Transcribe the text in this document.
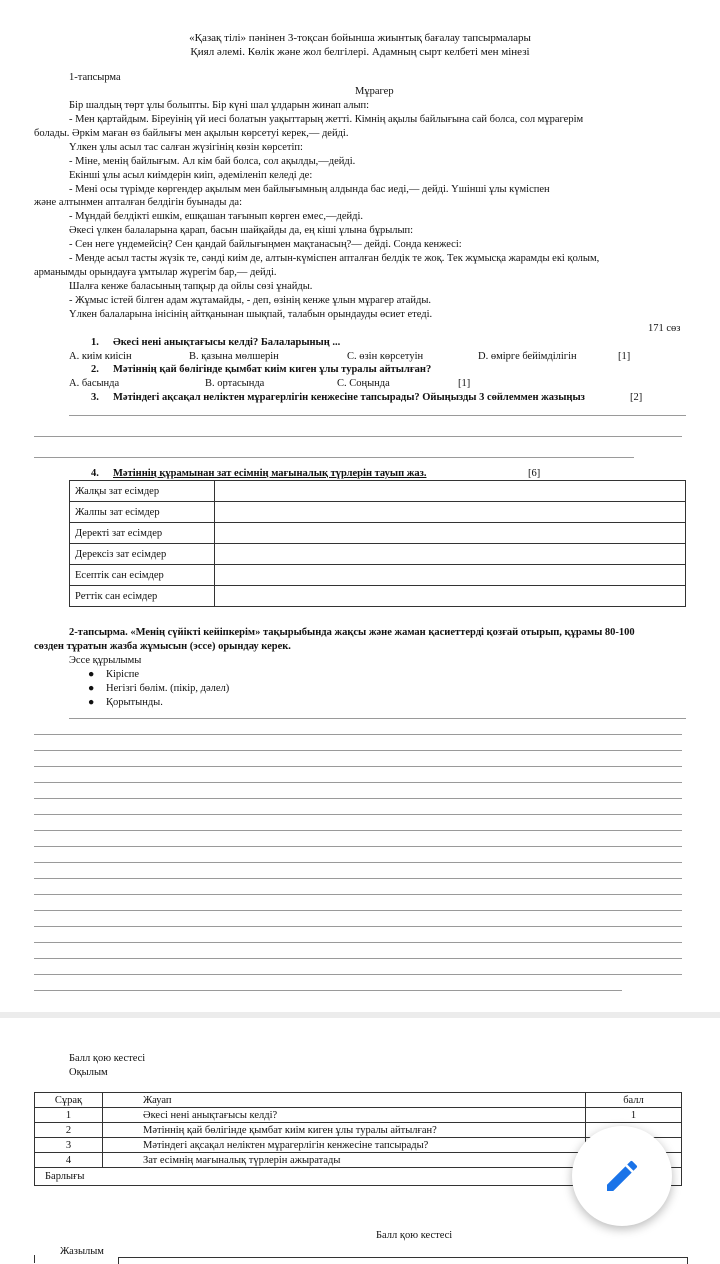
«Қазақ тілі» пәнінен 3-тоқсан бойынша жиынтық бағалау тапсырмалары
Қиял әлемі. Көлік және жол белгілері. Адамның сырт келбеті мен мінезі
1-тапсырма
Мұрагер
Бір шалдың төрт ұлы болыпты. Бір күні шал ұлдарын жинап алып:
- Мен қартайдым. Біреуінің үй иесі болатын уақыттарың жетті. Кімнің ақылы байлығына сай болса, сол мұрагерім
болады. Әркім маған өз байлығы мен ақылын көрсетуі керек,— дейді.
Үлкен ұлы асыл тас салған жүзігінің көзін көрсетіп:
- Міне, менің байлығым. Ал кім бай болса, сол ақылды,—дейді.
Екінші ұлы асыл киімдерін киіп, әдеміленіп келеді де:
- Мені осы түрімде көргендер ақылым мен байлығымның алдында бас иеді,— дейді. Үшінші ұлы күміспен
және алтынмен апталған белдігін буынады да:
- Мұндай белдікті ешкім, ешқашан тағынып көрген емес,—дейді.
Әкесі үлкен балаларына қарап, басын шайқайды да, ең кіші ұлына бұрылып:
- Сен неге үндемейсің? Сен қандай байлығыңмен мақтанасың?— дейді. Сонда кенжесі:
- Менде асыл тасты жүзік те, сәнді киім де, алтын-күміспен апталған белдік те жоқ. Тек жұмысқа жарамды екі қолым,
арманымды орындауға ұмтылар жүрегім бар,— дейді.
Шалға кенже баласының тапқыр да ойлы сөзі ұнайды.
- Жұмыс істей білген адам жұтамайды, - деп, өзінің кенже ұлын мұрагер атайды.
Үлкен балаларына інісінің айтқанынан шықпай, талабын орындауды өсиет етеді.
171 сөз
1. Әкесі нені анықтағысы келді? Балаларының ...
А. киім киісін	В. қазына мөлшерін	С. өзін көрсетуін	D. өмірге бейімділігін	[1]
2. Мәтіннің қай бөлігінде қымбат киім киген ұлы туралы айтылған?
А. басында	В. ортасында	С. Соңында	[1]
3. Мәтіндегі ақсақал неліктен мұрагерлігін кенжесіне тапсырады? Ойыңызды 3 сөйлеммен жазыңыз	[2]
4. Мәтіннің құрамынан зат есімнің мағыналық түрлерін тауып жаз.	[6]
Жалқы зат есімдер	
Жалпы зат есімдер	
Деректі зат есімдер	
Дерексіз зат есімдер	
Есептік сан есімдер	
Реттік сан есімдер	
2-тапсырма. «Менің сүйікті кейіпкерім» тақырыбында жақсы және жаман қасиеттерді қозғай отырып, құрамы 80-100
сөзден тұратын жазба жұмысын (эссе) орындау керек.
Эссе құрылымы
● Кіріспе
● Негізгі бөлім. (пікір, дәлел)
● Қорытынды.
Балл қою кестесі
Оқылым
Сұрақ	Жауап	балл
1	Әкесі нені анықтағысы келді?	1
2	Мәтіннің қай бөлігінде қымбат киім киген ұлы туралы айтылған?	
3	Мәтіндегі ақсақал неліктен мұрагерлігін кенжесіне тапсырады?	
4	Зат есімнің мағыналық түрлерін ажыратады	
Барлығы		
Балл қою кестесі
Жазылым
